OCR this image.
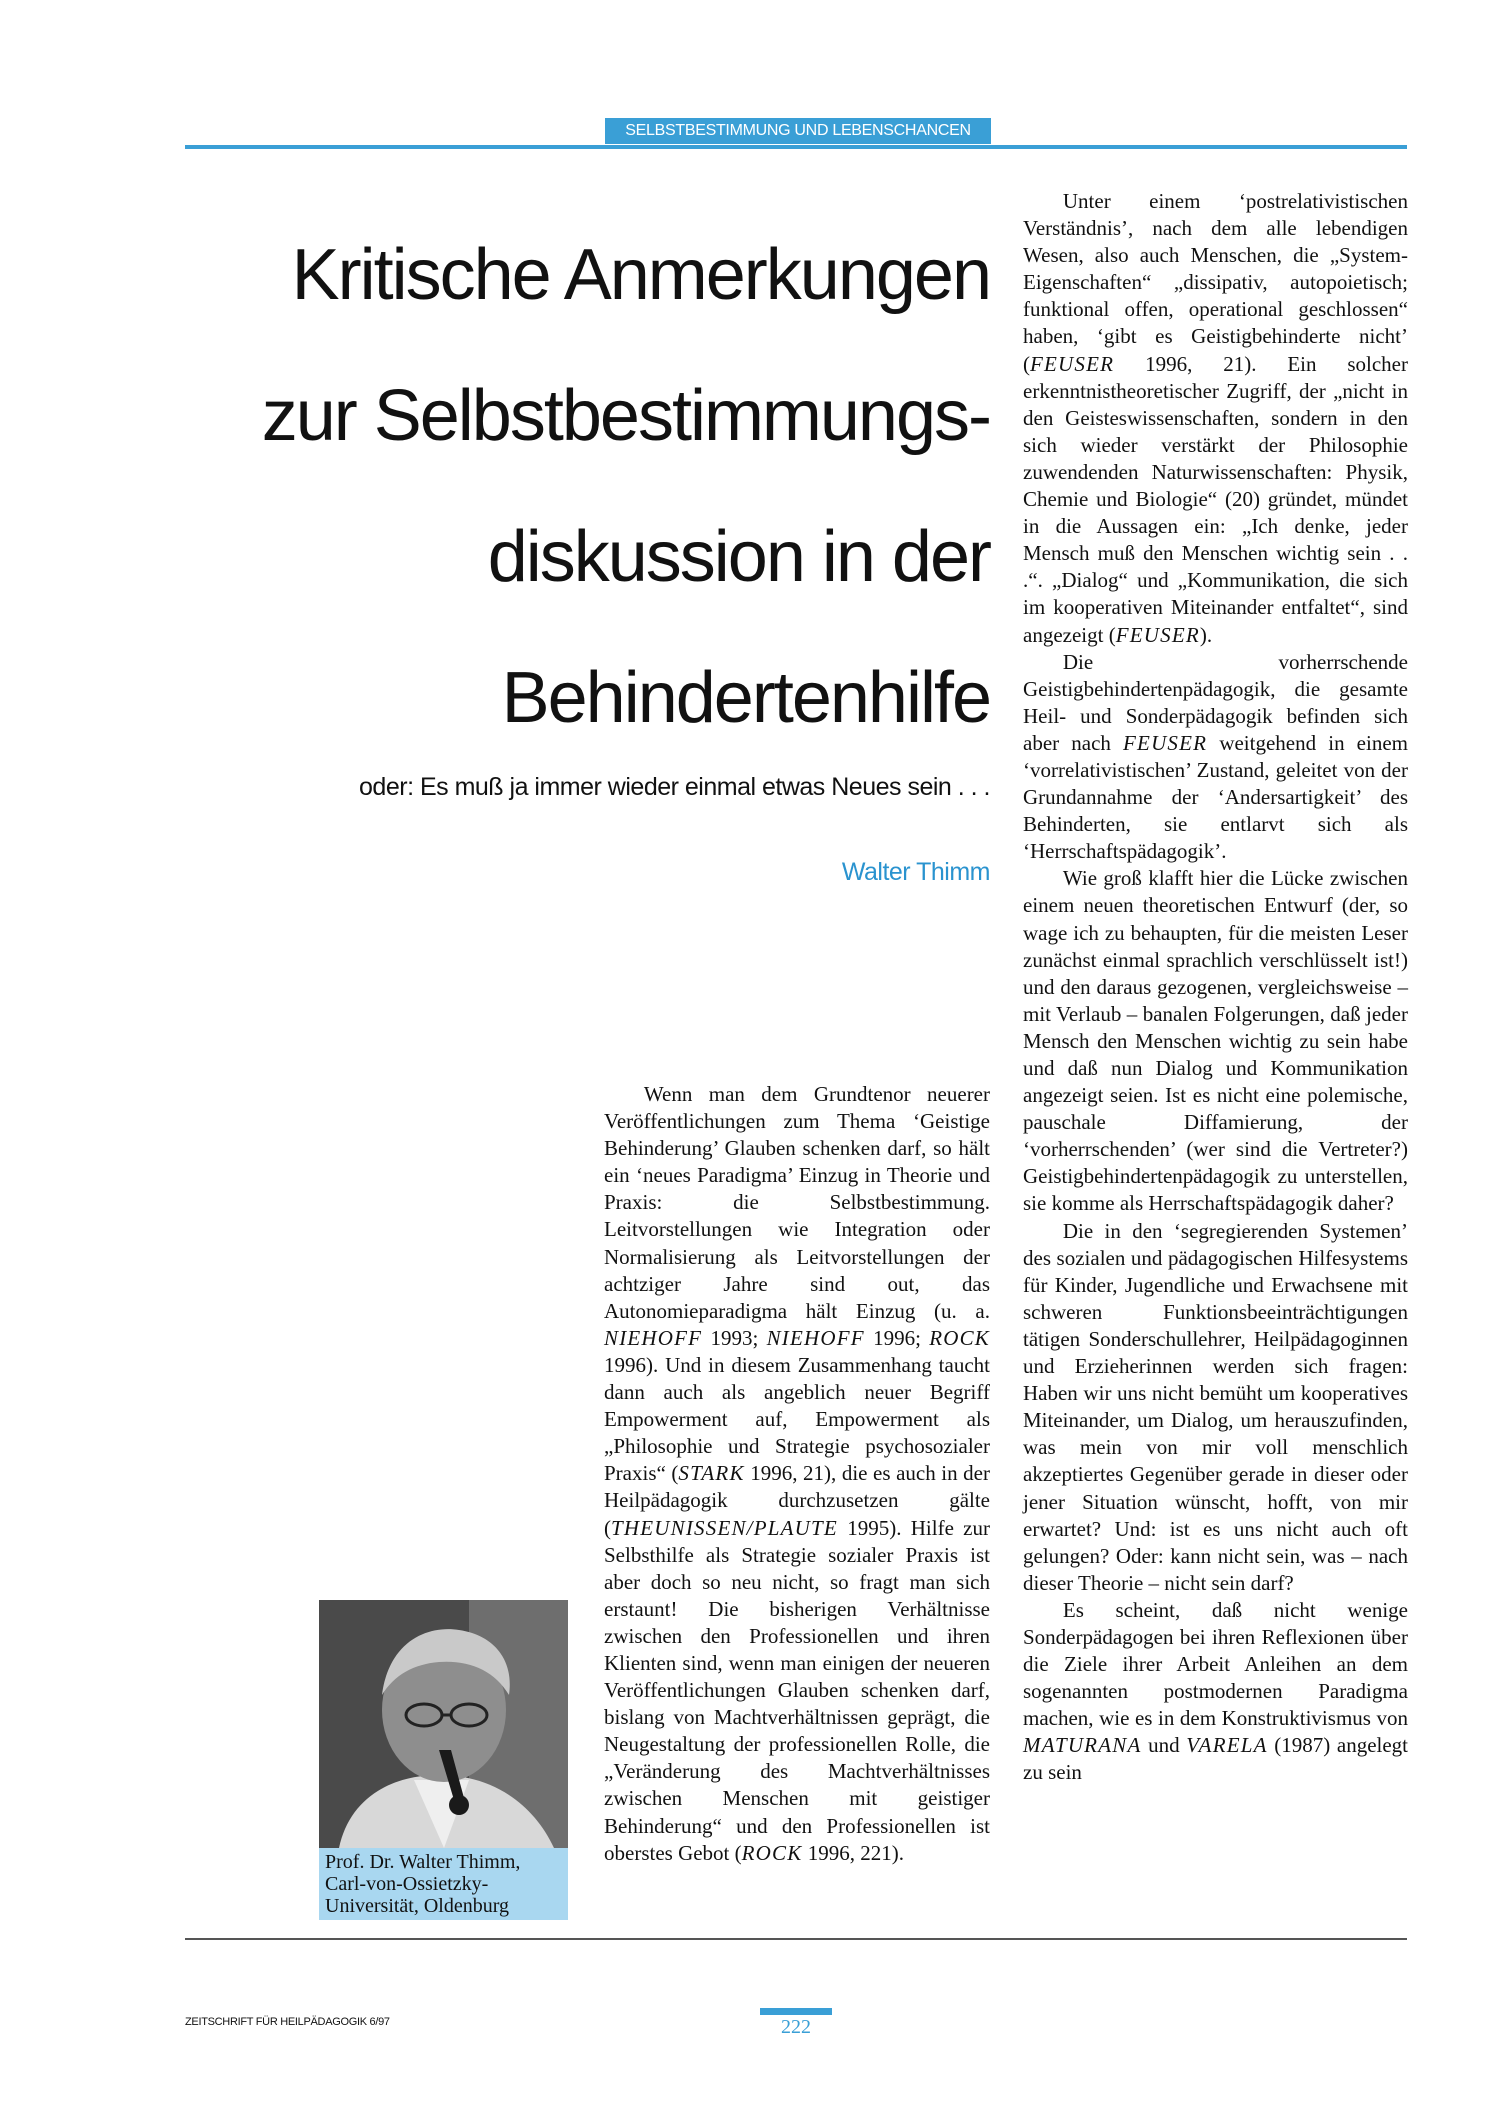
SELBSTBESTIMMUNG UND LEBENSCHANCEN
Kritische Anmerkungen
zur Selbstbestimmungs-
diskussion in der
Behindertenhilfe
oder: Es muß ja immer wieder einmal etwas Neues sein . . .
Walter Thimm
Prof. Dr. Walter Thimm,
Carl-von-Ossietzky-
Universität, Oldenburg

Wenn man dem Grundtenor neuerer Veröffentlichungen zum Thema ‘Geistige Behinderung’ Glauben schenken darf, so hält ein ‘neues Paradigma’ Einzug in Theorie und Praxis: die Selbstbestimmung. Leitvorstellungen wie Integration oder Normalisierung als Leitvorstellungen der achtziger Jahre sind out, das Autonomieparadigma hält Einzug (u. a. NIEHOFF 1993; NIEHOFF 1996; ROCK 1996). Und in diesem Zusammenhang taucht dann auch als angeblich neuer Begriff Empowerment auf, Empowerment als „Philosophie und Strategie psychosozialer Praxis“ (STARK 1996, 21), die es auch in der Heilpädagogik durchzusetzen gälte (THEUNISSEN/PLAUTE 1995). Hilfe zur Selbsthilfe als Strategie sozialer Praxis ist aber doch so neu nicht, so fragt man sich erstaunt! Die bisherigen Verhältnisse zwischen den Professionellen und ihren Klienten sind, wenn man einigen der neueren Veröffentlichungen Glauben schenken darf, bislang von Machtverhältnissen geprägt, die Neugestaltung der professionellen Rolle, die „Veränderung des Machtverhältnisses zwischen Menschen mit geistiger Behinderung“ und den Professionellen ist oberstes Gebot (ROCK 1996, 221).

Unter einem ‘postrelativistischen Verständnis’, nach dem alle lebendigen Wesen, also auch Menschen, die „System-Eigenschaften“ „dissipativ, autopoietisch; funktional offen, operational geschlossen“ haben, ‘gibt es Geistigbehinderte nicht’ (FEUSER 1996, 21). Ein solcher erkenntnistheoretischer Zugriff, der „nicht in den Geisteswissenschaften, sondern in den sich wieder verstärkt der Philosophie zuwendenden Naturwissenschaften: Physik, Chemie und Biologie“ (20) gründet, mündet in die Aussagen ein: „Ich denke, jeder Mensch muß den Menschen wichtig sein . . .“. „Dialog“ und „Kommunikation, die sich im kooperativen Miteinander entfaltet“, sind angezeigt (FEUSER).

Die vorherrschende Geistigbehindertenpädagogik, die gesamte Heil- und Sonderpädagogik befinden sich aber nach FEUSER weitgehend in einem ‘vorrelativistischen’ Zustand, geleitet von der Grundannahme der ‘Andersartigkeit’ des Behinderten, sie entlarvt sich als ‘Herrschaftspädagogik’.

Wie groß klafft hier die Lücke zwischen einem neuen theoretischen Entwurf (der, so wage ich zu behaupten, für die meisten Leser zunächst einmal sprachlich verschlüsselt ist!) und den daraus gezogenen, vergleichsweise – mit Verlaub – banalen Folgerungen, daß jeder Mensch den Menschen wichtig zu sein habe und daß nun Dialog und Kommunikation angezeigt seien. Ist es nicht eine polemische, pauschale Diffamierung, der ‘vorherrschenden’ (wer sind die Vertreter?) Geistigbehindertenpädagogik zu unterstellen, sie komme als Herrschaftspädagogik daher?

Die in den ‘segregierenden Systemen’ des sozialen und pädagogischen Hilfesystems für Kinder, Jugendliche und Erwachsene mit schweren Funktionsbeeinträchtigungen tätigen Sonderschullehrer, Heilpädagoginnen und Erzieherinnen werden sich fragen: Haben wir uns nicht bemüht um kooperatives Miteinander, um Dialog, um herauszufinden, was mein von mir voll menschlich akzeptiertes Gegenüber gerade in dieser oder jener Situation wünscht, hofft, von mir erwartet? Und: ist es uns nicht auch oft gelungen? Oder: kann nicht sein, was – nach dieser Theorie – nicht sein darf?

Es scheint, daß nicht wenige Sonderpädagogen bei ihren Reflexionen über die Ziele ihrer Arbeit Anleihen an dem sogenannten postmodernen Paradigma machen, wie es in dem Konstruktivismus von MATURANA und VARELA (1987) angelegt zu sein

ZEITSCHRIFT FÜR HEILPÄDAGOGIK 6/97	222
